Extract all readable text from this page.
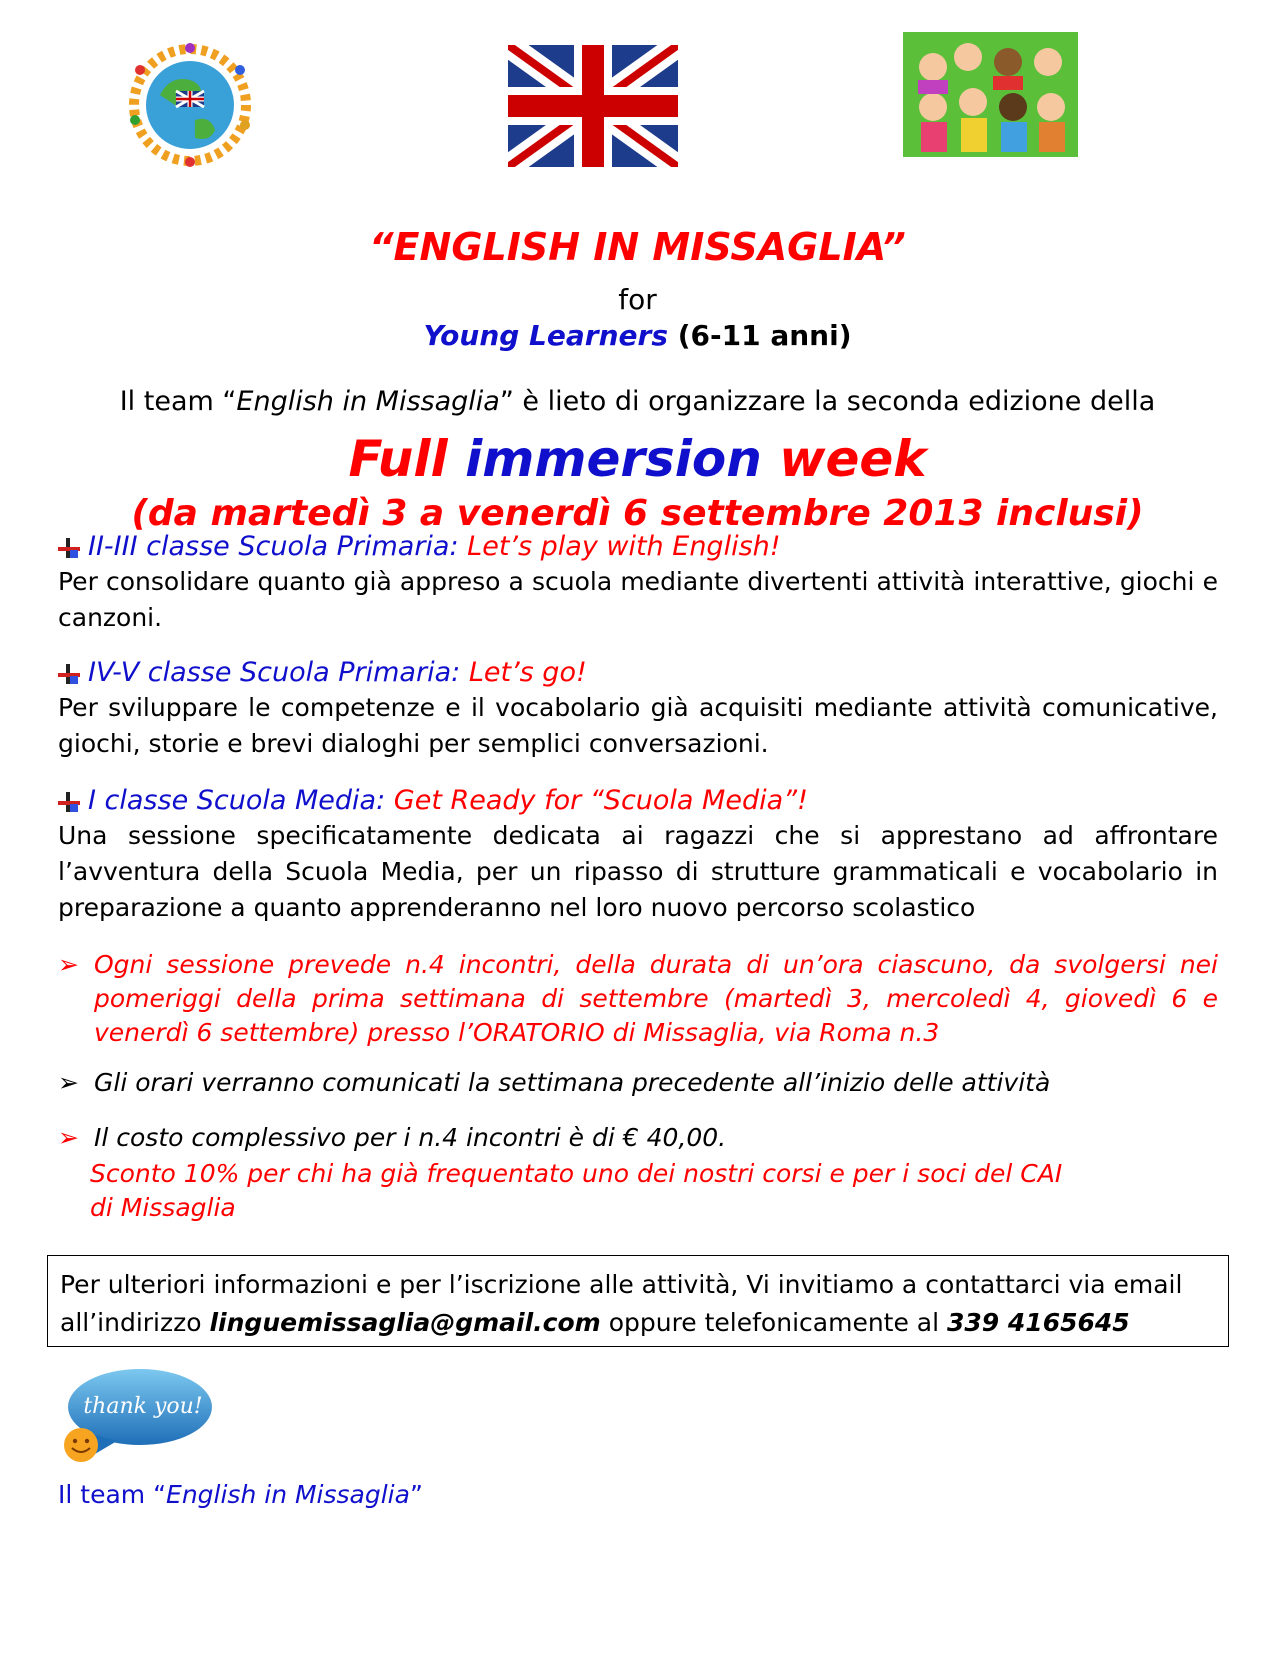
“ENGLISH IN MISSAGLIA”
for
Young Learners (6-11 anni)
Il team “English in Missaglia” è lieto di organizzare la seconda edizione della
Full immersion week
(da martedì 3 a venerdì 6 settembre 2013 inclusi)
II-III classe Scuola Primaria: Let’s play with English!
Per consolidare quanto già appreso a scuola mediante divertenti attività interattive, giochi e canzoni.
IV-V classe Scuola Primaria: Let’s go!
Per sviluppare le competenze e il vocabolario già acquisiti mediante attività comunicative, giochi, storie e brevi dialoghi per semplici conversazioni.
I classe Scuola Media: Get Ready for “Scuola Media”!
Una sessione specificatamente dedicata ai ragazzi che si apprestano ad affrontare l’avventura della Scuola Media, per un ripasso di strutture grammaticali e vocabolario in preparazione a quanto apprenderanno nel loro nuovo percorso scolastico
➢ Ogni sessione prevede n.4 incontri, della durata di un’ora ciascuno, da svolgersi nei pomeriggi della prima settimana di settembre (martedì 3, mercoledì 4, giovedì 6 e venerdì 6 settembre) presso l’ORATORIO di Missaglia, via Roma n.3
➢ Gli orari verranno comunicati la settimana precedente all’inizio delle attività
➢ Il costo complessivo per i n.4 incontri è di € 40,00.
Sconto 10% per chi ha già frequentato uno dei nostri corsi e per i soci del CAI di Missaglia
Per ulteriori informazioni e per l’iscrizione alle attività, Vi invitiamo a contattarci via email
all’indirizzo linguemissaglia@gmail.com oppure telefonicamente al 339 4165645
thank you!
Il team “English in Missaglia”
